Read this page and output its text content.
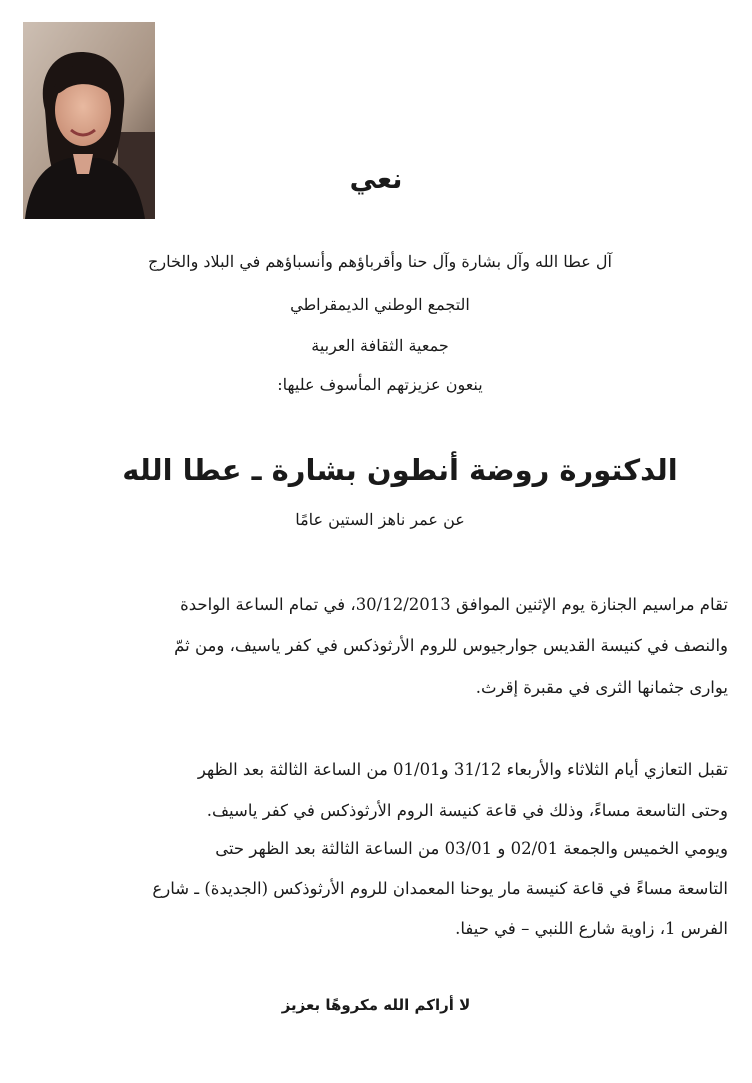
نعي
آل عطا الله وآل بشارة وآل حنا وأقرباؤهم وأنسباؤهم في البلاد والخارج
التجمع الوطني الديمقراطي
جمعية الثقافة العربية
ينعون عزيزتهم المأسوف عليها:
الدكتورة روضة أنطون بشارة ـ عطا الله
عن عمر ناهز الستين عامًا
تقام مراسيم الجنازة يوم الإثنين الموافق 30/12/2013، في تمام الساعة الواحدة
والنصف في كنيسة القديس جوارجيوس للروم الأرثوذكس في كفر ياسيف، ومن ثمّ
يوارى جثمانها الثرى في مقبرة إقرث.
تقبل التعازي أيام الثلاثاء والأربعاء 31/12 و01/01 من الساعة الثالثة بعد الظهر
وحتى التاسعة مساءً، وذلك في قاعة كنيسة الروم الأرثوذكس في كفر ياسيف.
ويومي الخميس والجمعة 02/01 و 03/01 من الساعة الثالثة بعد الظهر حتى
التاسعة مساءً في قاعة كنيسة مار يوحنا المعمدان للروم الأرثوذكس (الجديدة) ـ شارع
الفرس 1، زاوية شارع اللنبي – في حيفا.
لا أراكم الله مكروهًا بعزيز
